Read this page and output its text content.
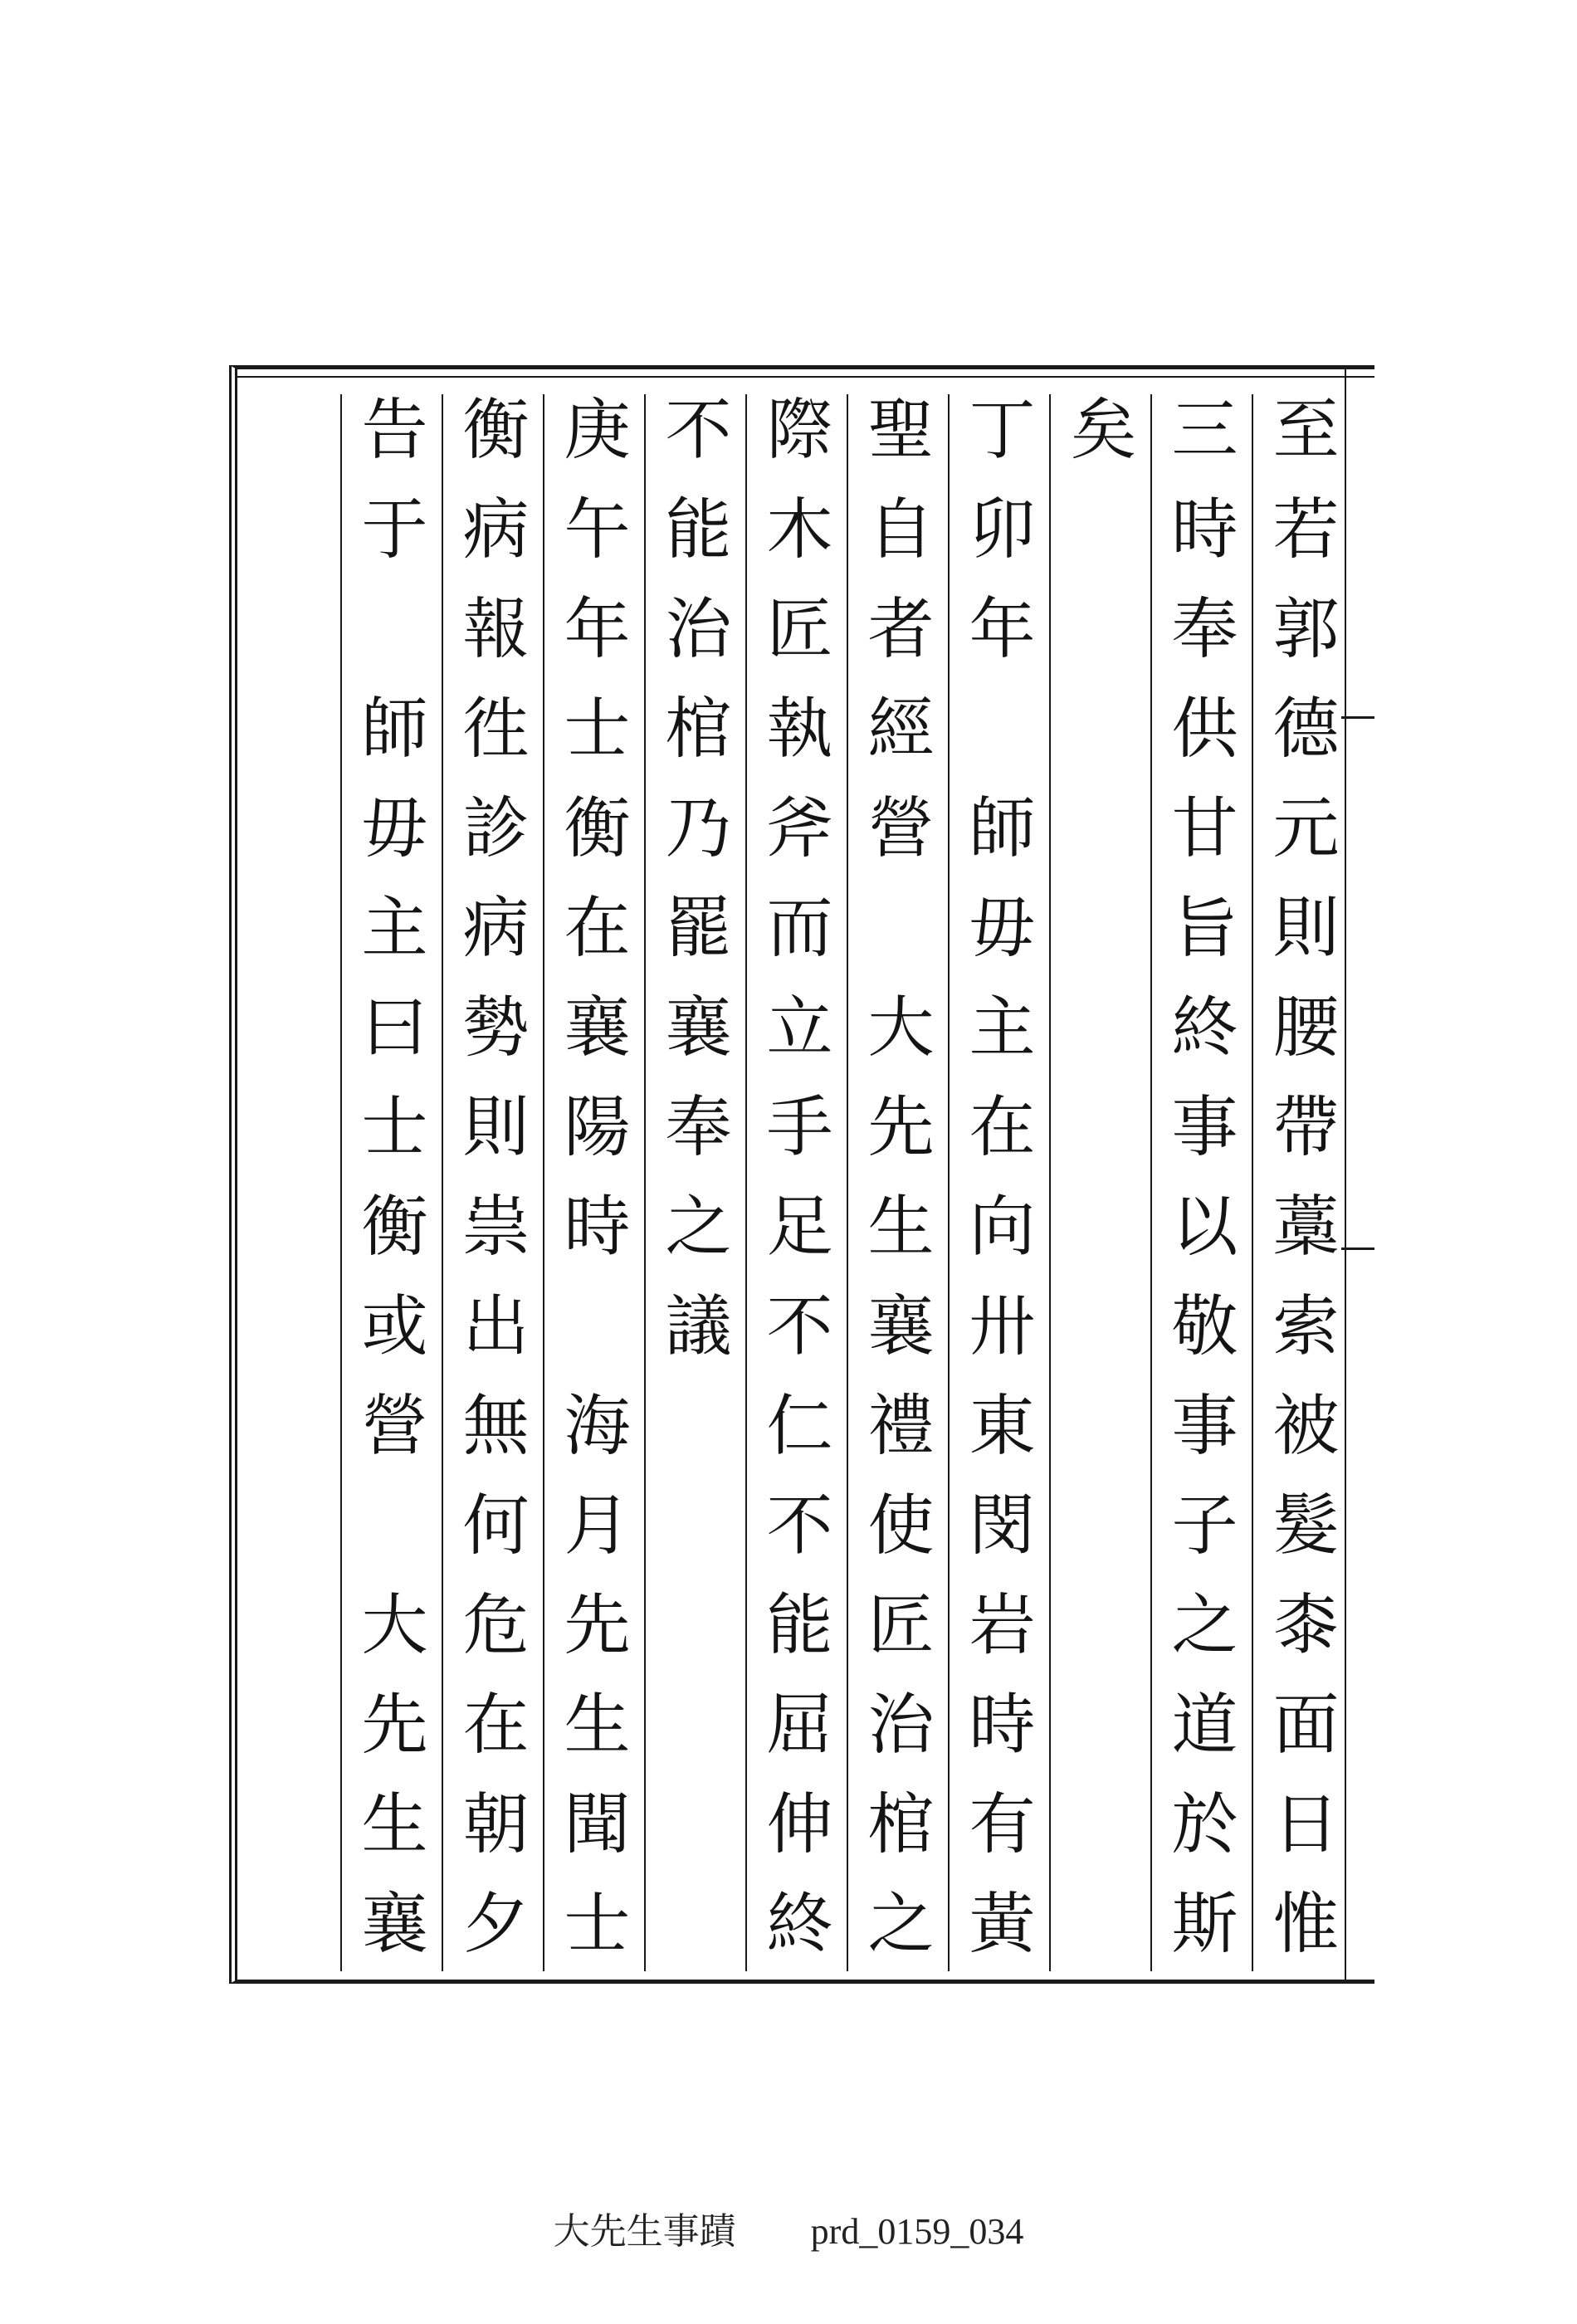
至若郭德元則腰帶藁索被髮桼面日惟
三時奉供甘旨終事以敬事子之道於斯
矣
丁卯年　師毋主在向卅東閔岩時有黃
聖自者經營　大先生襄禮使匠治棺之
際木匠執斧而立手足不仁不能屈伸終
不能治棺乃罷襄奉之議
庚午年士衡在襄陽時　海月先生聞士
衡病報徃診病勢則祟出無何危在朝夕
告于　師毋主曰士衡或營　大先生襄
大先生事蹟 prd_0159_034
